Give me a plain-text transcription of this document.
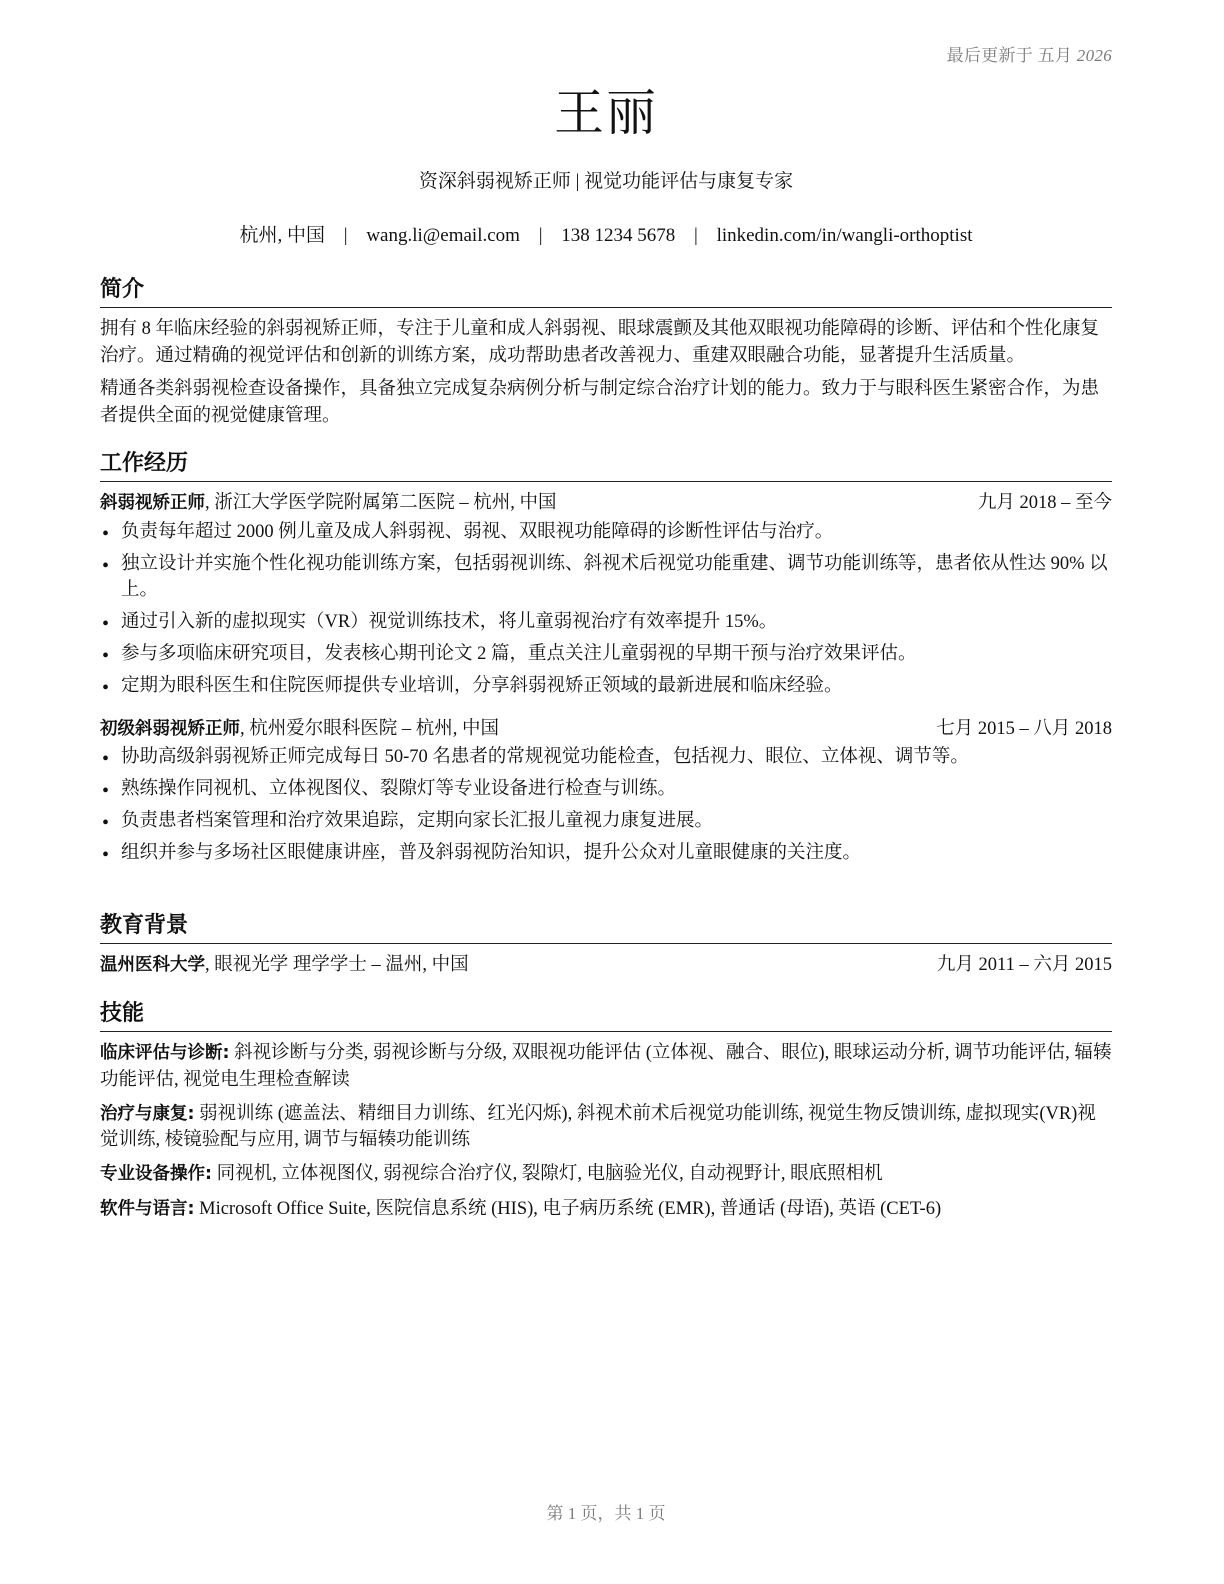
最后更新于 五月 2026
王丽
资深斜弱视矫正师 | 视觉功能评估与康复专家
杭州, 中国 | wang.li@email.com | 138 1234 5678 | linkedin.com/in/wangli-orthoptist
简介

拥有 8 年临床经验的斜弱视矫正师，专注于儿童和成人斜弱视、眼球震颤及其他双眼视功能障碍的诊断、评估和个性化康复治疗。通过精确的视觉评估和创新的训练方案，成功帮助患者改善视力、重建双眼融合功能，显著提升生活质量。

精通各类斜弱视检查设备操作，具备独立完成复杂病例分析与制定综合治疗计划的能力。致力于与眼科医生紧密合作，为患者提供全面的视觉健康管理。

工作经历
斜弱视矫正师, 浙江大学医学院附属第二医院 – 杭州, 中国	九月 2018 – 至今
• 负责每年超过 2000 例儿童及成人斜弱视、弱视、双眼视功能障碍的诊断性评估与治疗。
• 独立设计并实施个性化视功能训练方案，包括弱视训练、斜视术后视觉功能重建、调节功能训练等，患者依从性达 90% 以上。
• 通过引入新的虚拟现实（VR）视觉训练技术，将儿童弱视治疗有效率提升 15%。
• 参与多项临床研究项目，发表核心期刊论文 2 篇，重点关注儿童弱视的早期干预与治疗效果评估。
• 定期为眼科医生和住院医师提供专业培训，分享斜弱视矫正领域的最新进展和临床经验。
初级斜弱视矫正师, 杭州爱尔眼科医院 – 杭州, 中国	七月 2015 – 八月 2018
• 协助高级斜弱视矫正师完成每日 50-70 名患者的常规视觉功能检查，包括视力、眼位、立体视、调节等。
• 熟练操作同视机、立体视图仪、裂隙灯等专业设备进行检查与训练。
• 负责患者档案管理和治疗效果追踪，定期向家长汇报儿童视力康复进展。
• 组织并参与多场社区眼健康讲座，普及斜弱视防治知识，提升公众对儿童眼健康的关注度。
教育背景
温州医科大学, 眼视光学 理学学士 – 温州, 中国	九月 2011 – 六月 2015
技能

临床评估与诊断: 斜视诊断与分类, 弱视诊断与分级, 双眼视功能评估 (立体视、融合、眼位), 眼球运动分析, 调节功能评估, 辐辏功能评估, 视觉电生理检查解读

治疗与康复: 弱视训练 (遮盖法、精细目力训练、红光闪烁), 斜视术前术后视觉功能训练, 视觉生物反馈训练, 虚拟现实(VR)视觉训练, 棱镜验配与应用, 调节与辐辏功能训练

专业设备操作: 同视机, 立体视图仪, 弱视综合治疗仪, 裂隙灯, 电脑验光仪, 自动视野计, 眼底照相机

软件与语言: Microsoft Office Suite, 医院信息系统 (HIS), 电子病历系统 (EMR), 普通话 (母语), 英语 (CET-6)

第 1 页，共 1 页
